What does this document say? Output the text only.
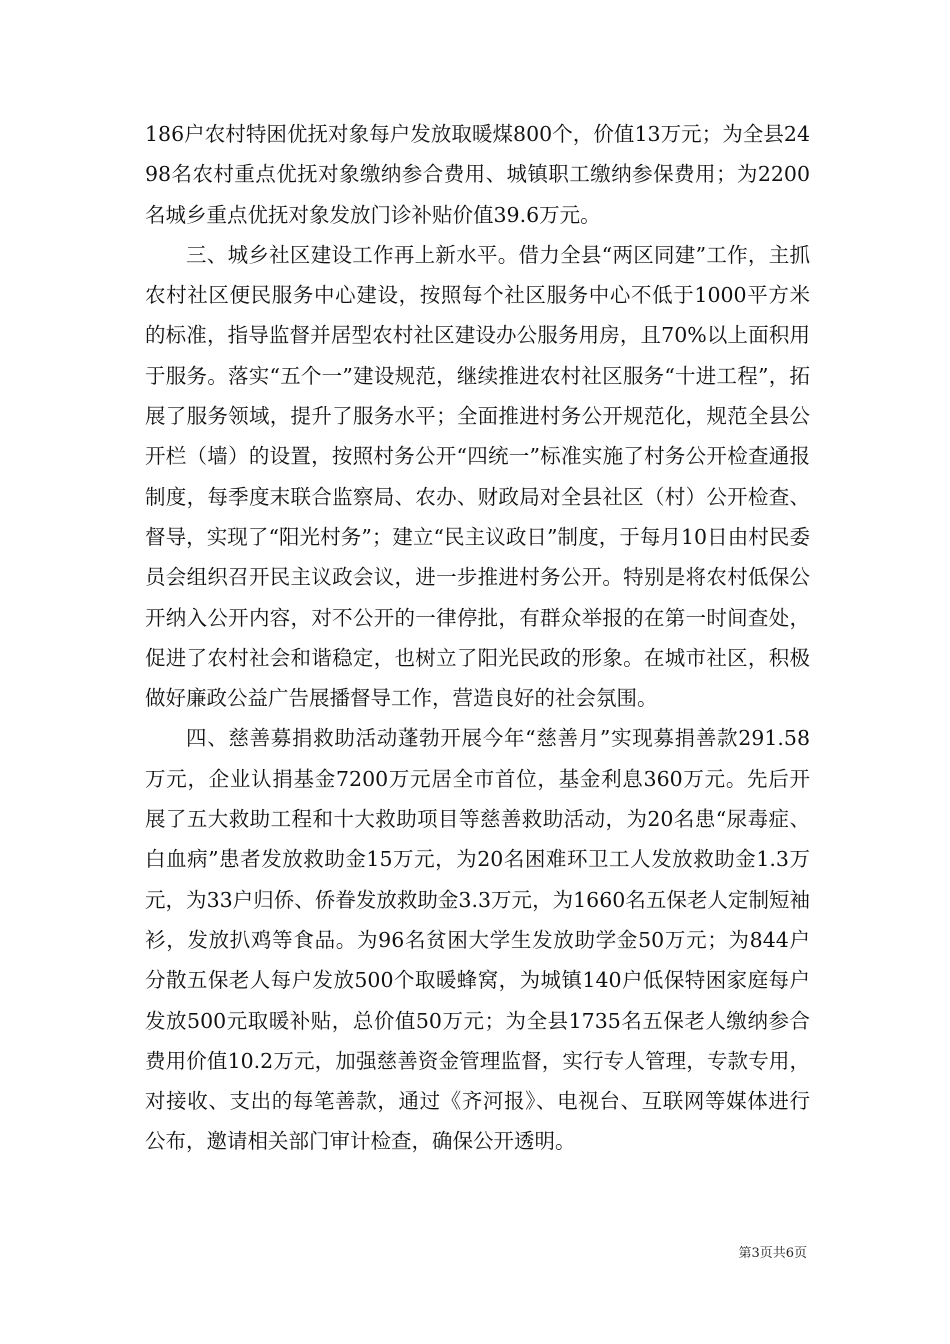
186户农村特困优抚对象每户发放取暖煤800个，价值13万元；为全县2498名农村重点优抚对象缴纳参合费用、城镇职工缴纳参保费用；为2200名城乡重点优抚对象发放门诊补贴价值39.6万元。

三、城乡社区建设工作再上新水平。借力全县“两区同建”工作，主抓农村社区便民服务中心建设，按照每个社区服务中心不低于1000平方米的标准，指导监督并居型农村社区建设办公服务用房，且70%以上面积用于服务。落实“五个一”建设规范，继续推进农村社区服务“十进工程”，拓展了服务领域，提升了服务水平；全面推进村务公开规范化，规范全县公开栏（墙）的设置，按照村务公开“四统一”标准实施了村务公开检查通报制度，每季度末联合监察局、农办、财政局对全县社区（村）公开检查、督导，实现了“阳光村务”；建立“民主议政日”制度，于每月10日由村民委员会组织召开民主议政会议，进一步推进村务公开。特别是将农村低保公开纳入公开内容，对不公开的一律停批，有群众举报的在第一时间查处，促进了农村社会和谐稳定，也树立了阳光民政的形象。在城市社区，积极做好廉政公益广告展播督导工作，营造良好的社会氛围。

四、慈善募捐救助活动蓬勃开展今年“慈善月”实现募捐善款291.58万元，企业认捐基金7200万元居全市首位，基金利息360万元。先后开展了五大救助工程和十大救助项目等慈善救助活动，为20名患“尿毒症、白血病”患者发放救助金15万元，为20名困难环卫工人发放救助金1.3万元，为33户归侨、侨眷发放救助金3.3万元，为1660名五保老人定制短袖衫，发放扒鸡等食品。为96名贫困大学生发放助学金50万元；为844户分散五保老人每户发放500个取暖蜂窝，为城镇140户低保特困家庭每户发放500元取暖补贴，总价值50万元；为全县1735名五保老人缴纳参合费用价值10.2万元，加强慈善资金管理监督，实行专人管理，专款专用，对接收、支出的每笔善款，通过《齐河报》、电视台、互联网等媒体进行公布，邀请相关部门审计检查，确保公开透明。

第3页共6页
